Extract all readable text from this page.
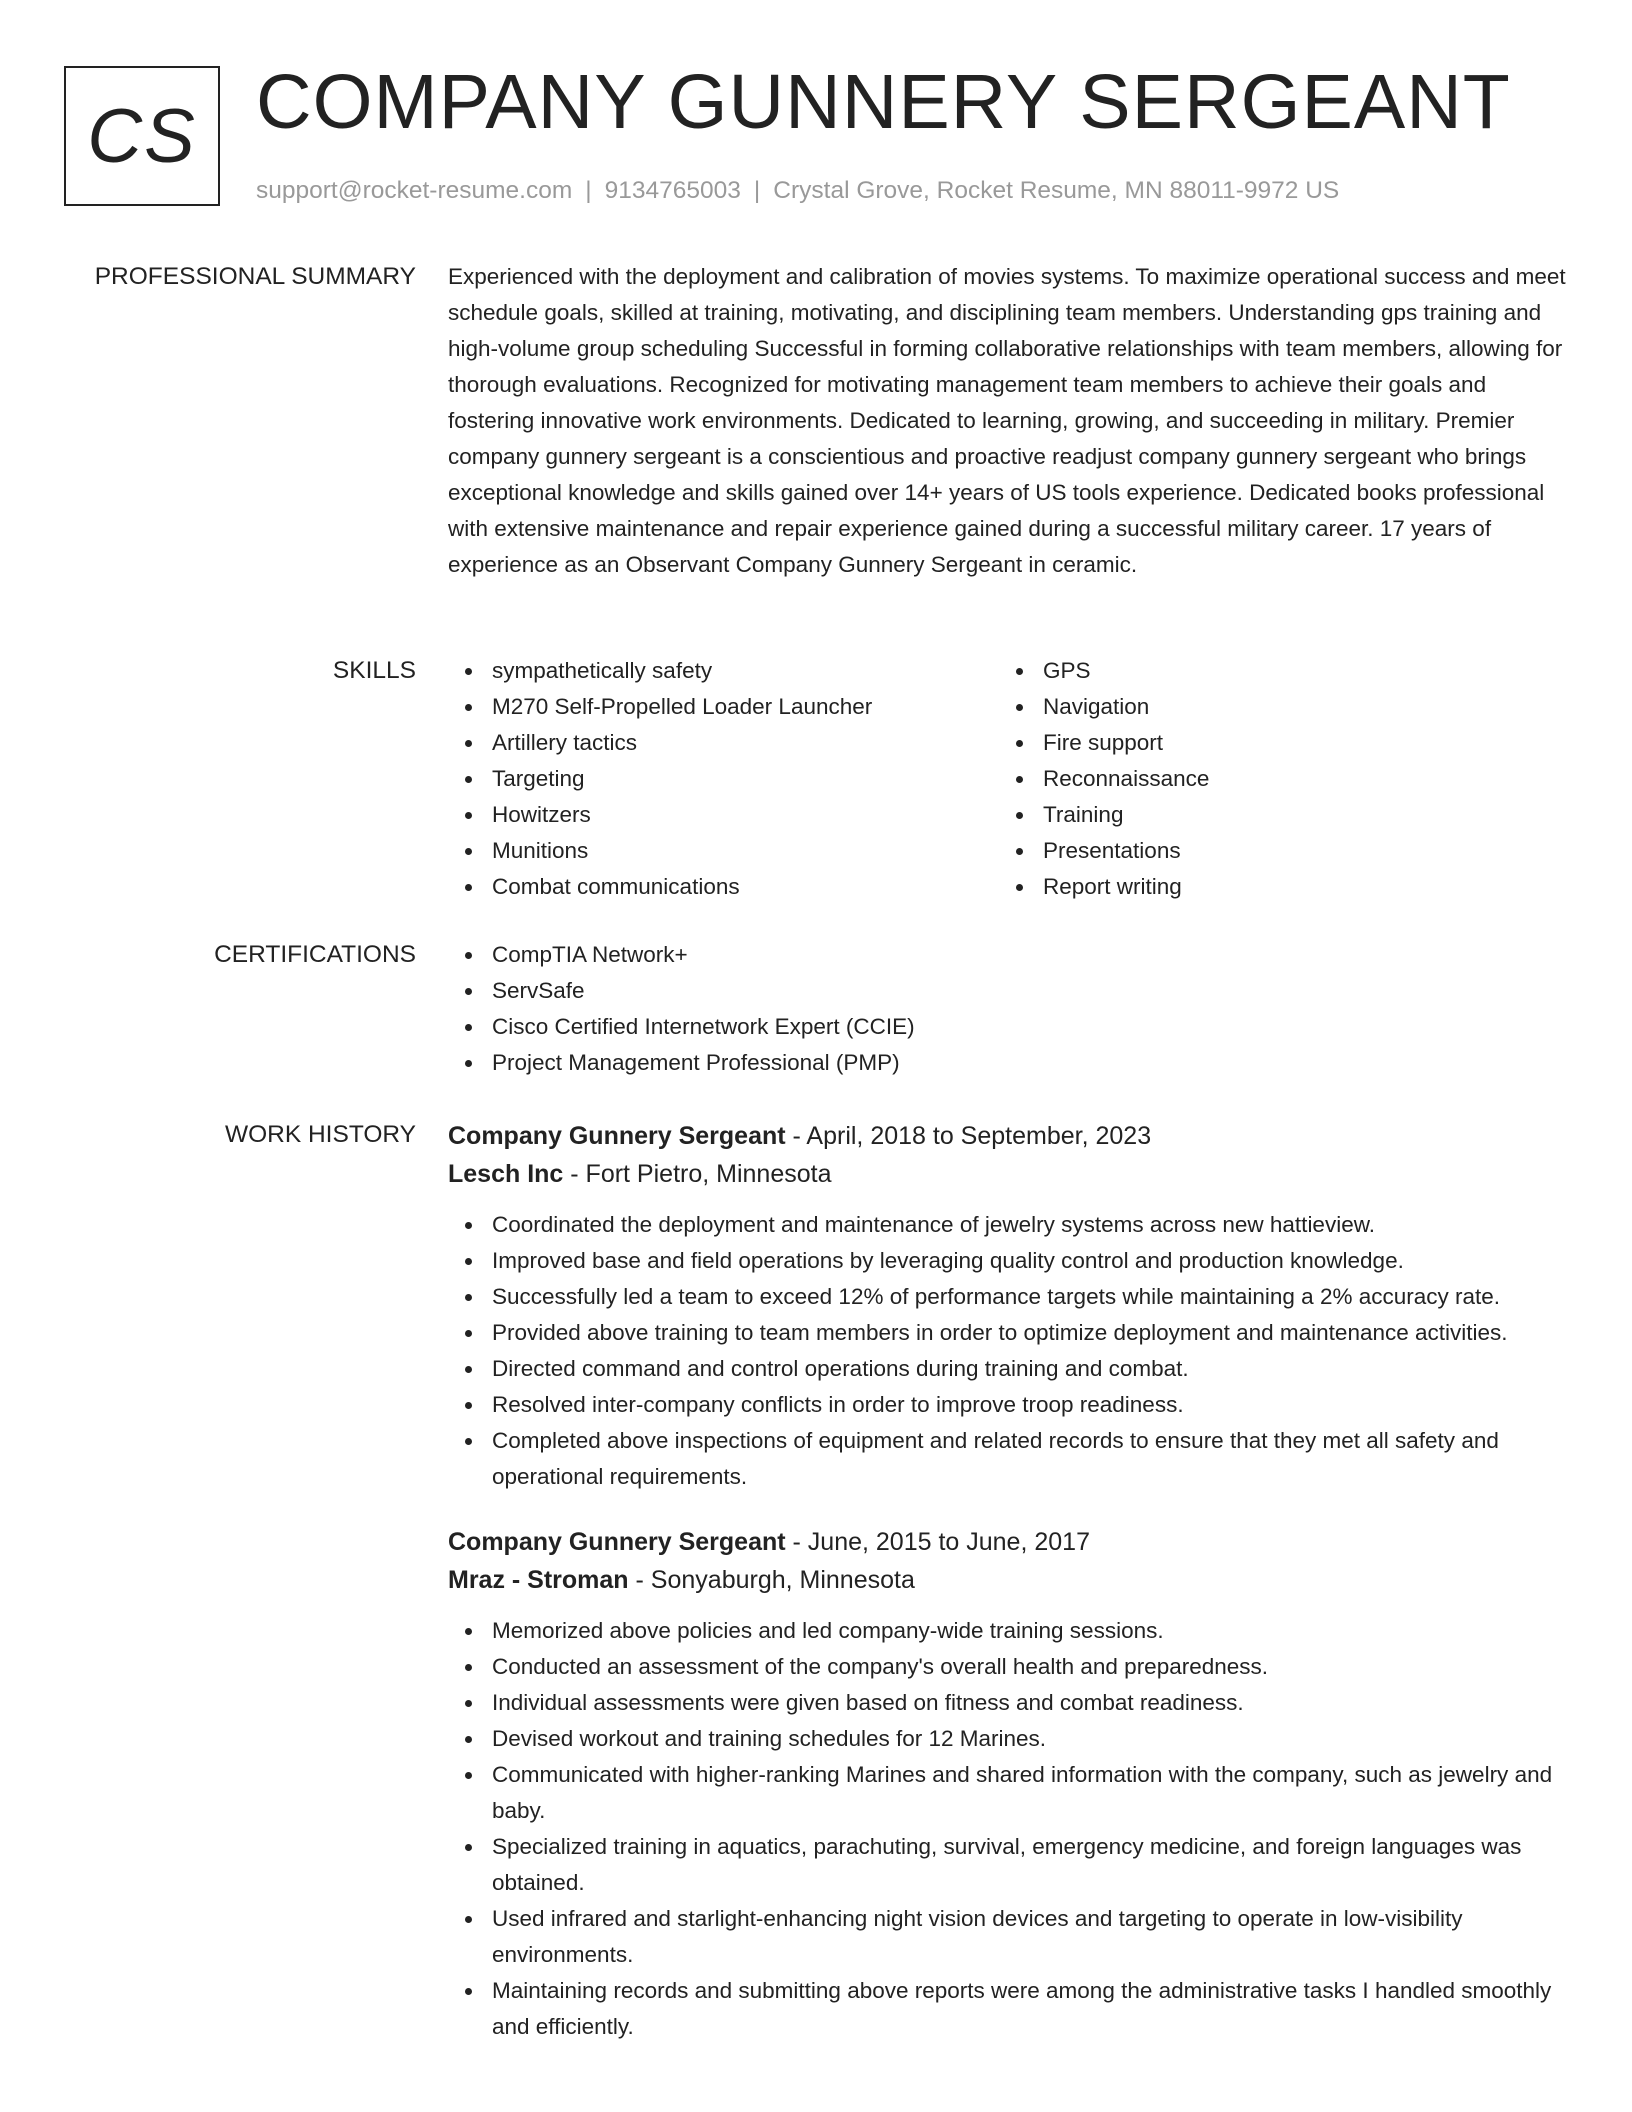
CS COMPANY GUNNERY SERGEANT
support@rocket-resume.com | 9134765003 | Crystal Grove, Rocket Resume, MN 88011-9972 US
PROFESSIONAL SUMMARY Experienced with the deployment and calibration of movies systems. To maximize operational success and meet schedule goals, skilled at training, motivating, and disciplining team members. Understanding gps training and high-volume group scheduling Successful in forming collaborative relationships with team members, allowing for thorough evaluations. Recognized for motivating management team members to achieve their goals and fostering innovative work environments. Dedicated to learning, growing, and succeeding in military. Premier company gunnery sergeant is a conscientious and proactive readjust company gunnery sergeant who brings exceptional knowledge and skills gained over 14+ years of US tools experience. Dedicated books professional with extensive maintenance and repair experience gained during a successful military career. 17 years of experience as an Observant Company Gunnery Sergeant in ceramic.

SKILLS	sympathetically safety
M270 Self-Propelled Loader Launcher
Artillery tactics
Targeting
Howitzers
Munitions
Combat communications
GPS
Navigation
Fire support
Reconnaissance
Training
Presentations
Report writing
CERTIFICATIONS	CompTIA Network+
ServSafe
Cisco Certified Internetwork Expert (CCIE)
Project Management Professional (PMP)
WORK HISTORY Company Gunnery Sergeant - April, 2018 to September, 2023
Lesch Inc - Fort Pietro, Minnesota
Coordinated the deployment and maintenance of jewelry systems across new hattieview.
Improved base and field operations by leveraging quality control and production knowledge.
Successfully led a team to exceed 12% of performance targets while maintaining a 2% accuracy rate.
Provided above training to team members in order to optimize deployment and maintenance activities.
Directed command and control operations during training and combat.
Resolved inter-company conflicts in order to improve troop readiness.
Completed above inspections of equipment and related records to ensure that they met all safety and operational requirements.
Company Gunnery Sergeant - June, 2015 to June, 2017
Mraz - Stroman - Sonyaburgh, Minnesota
Memorized above policies and led company-wide training sessions.
Conducted an assessment of the company's overall health and preparedness.
Individual assessments were given based on fitness and combat readiness.
Devised workout and training schedules for 12 Marines.
Communicated with higher-ranking Marines and shared information with the company, such as jewelry and baby.
Specialized training in aquatics, parachuting, survival, emergency medicine, and foreign languages was obtained.
Used infrared and starlight-enhancing night vision devices and targeting to operate in low-visibility environments.
Maintaining records and submitting above reports were among the administrative tasks I handled smoothly and efficiently.
